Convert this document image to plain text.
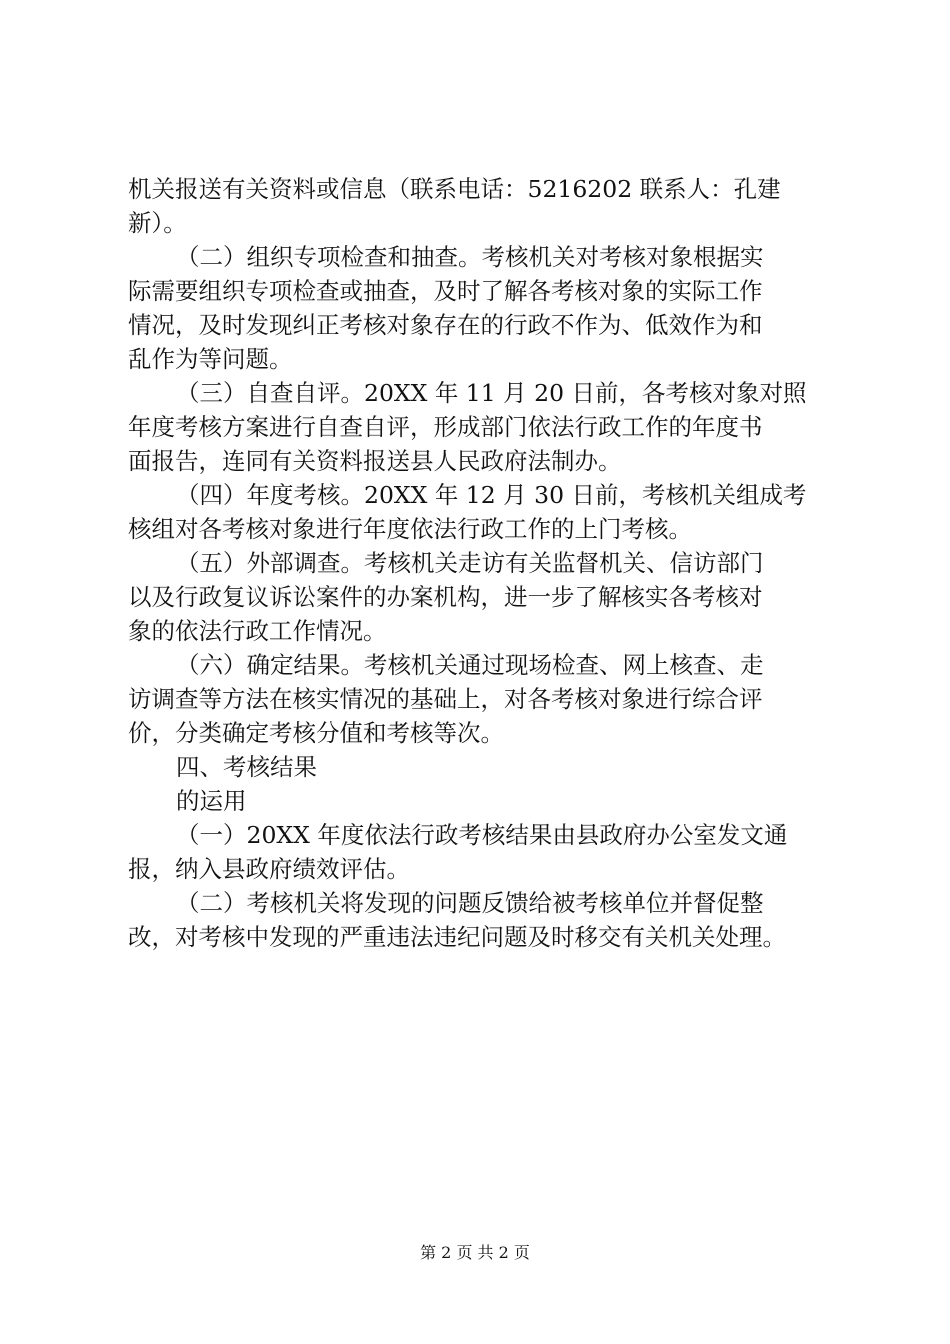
机关报送有关资料或信息（联系电话：5216202 联系人：孔建
新）。
（二）组织专项检查和抽查。考核机关对考核对象根据实
际需要组织专项检查或抽查，及时了解各考核对象的实际工作
情况，及时发现纠正考核对象存在的行政不作为、低效作为和
乱作为等问题。
（三）自查自评。20XX 年 11 月 20 日前，各考核对象对照
年度考核方案进行自查自评，形成部门依法行政工作的年度书
面报告，连同有关资料报送县人民政府法制办。
（四）年度考核。20XX 年 12 月 30 日前，考核机关组成考
核组对各考核对象进行年度依法行政工作的上门考核。
（五）外部调查。考核机关走访有关监督机关、信访部门
以及行政复议诉讼案件的办案机构，进一步了解核实各考核对
象的依法行政工作情况。
（六）确定结果。考核机关通过现场检查、网上核查、走
访调查等方法在核实情况的基础上，对各考核对象进行综合评
价，分类确定考核分值和考核等次。
四、考核结果
的运用
（一）20XX 年度依法行政考核结果由县政府办公室发文通
报，纳入县政府绩效评估。
（二）考核机关将发现的问题反馈给被考核单位并督促整
改，对考核中发现的严重违法违纪问题及时移交有关机关处理。
第 2 页 共 2 页
